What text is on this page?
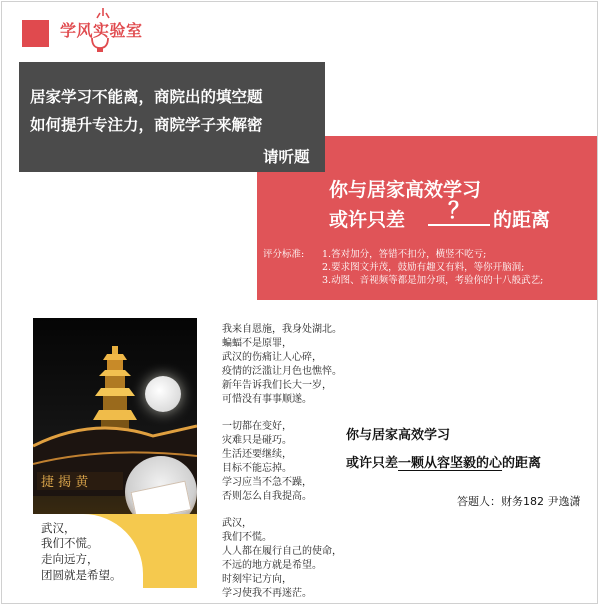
学风实验室
居家学习不能离，商院出的填空题
如何提升专注力，商院学子来解密
请听题
你与居家高效学习
或许只差	？	的距离
评分标准: 1.答对加分，答错不扣分，横竖不吃亏;
2.要求图文并茂，鼓励有趣又有料，等你开脑洞;
3.动图、音视频等都是加分项，考验你的十八般武艺;
捷 揭 黄
武汉，
我们不慌。
走向远方，
团圆就是希望。
我来自恩施，我身处湖北。
蝙蝠不是原罪，
武汉的伤痛让人心碎，
疫情的泛滥让月色也憔悴。
新年告诉我们长大一岁，
可惜没有事事顺遂。
一切都在变好，
灾难只是碰巧。
生活还要继续，
目标不能忘掉。
学习应当不急不躁，
否则怎么自我提高。
武汉，
我们不慌。
人人都在履行自己的使命，
不远的地方就是希望。
时刻牢记方向，
学习使我不再迷茫。
你与居家高效学习
或许只差一颗从容坚毅的心的距离
答题人：财务182 尹逸潇
